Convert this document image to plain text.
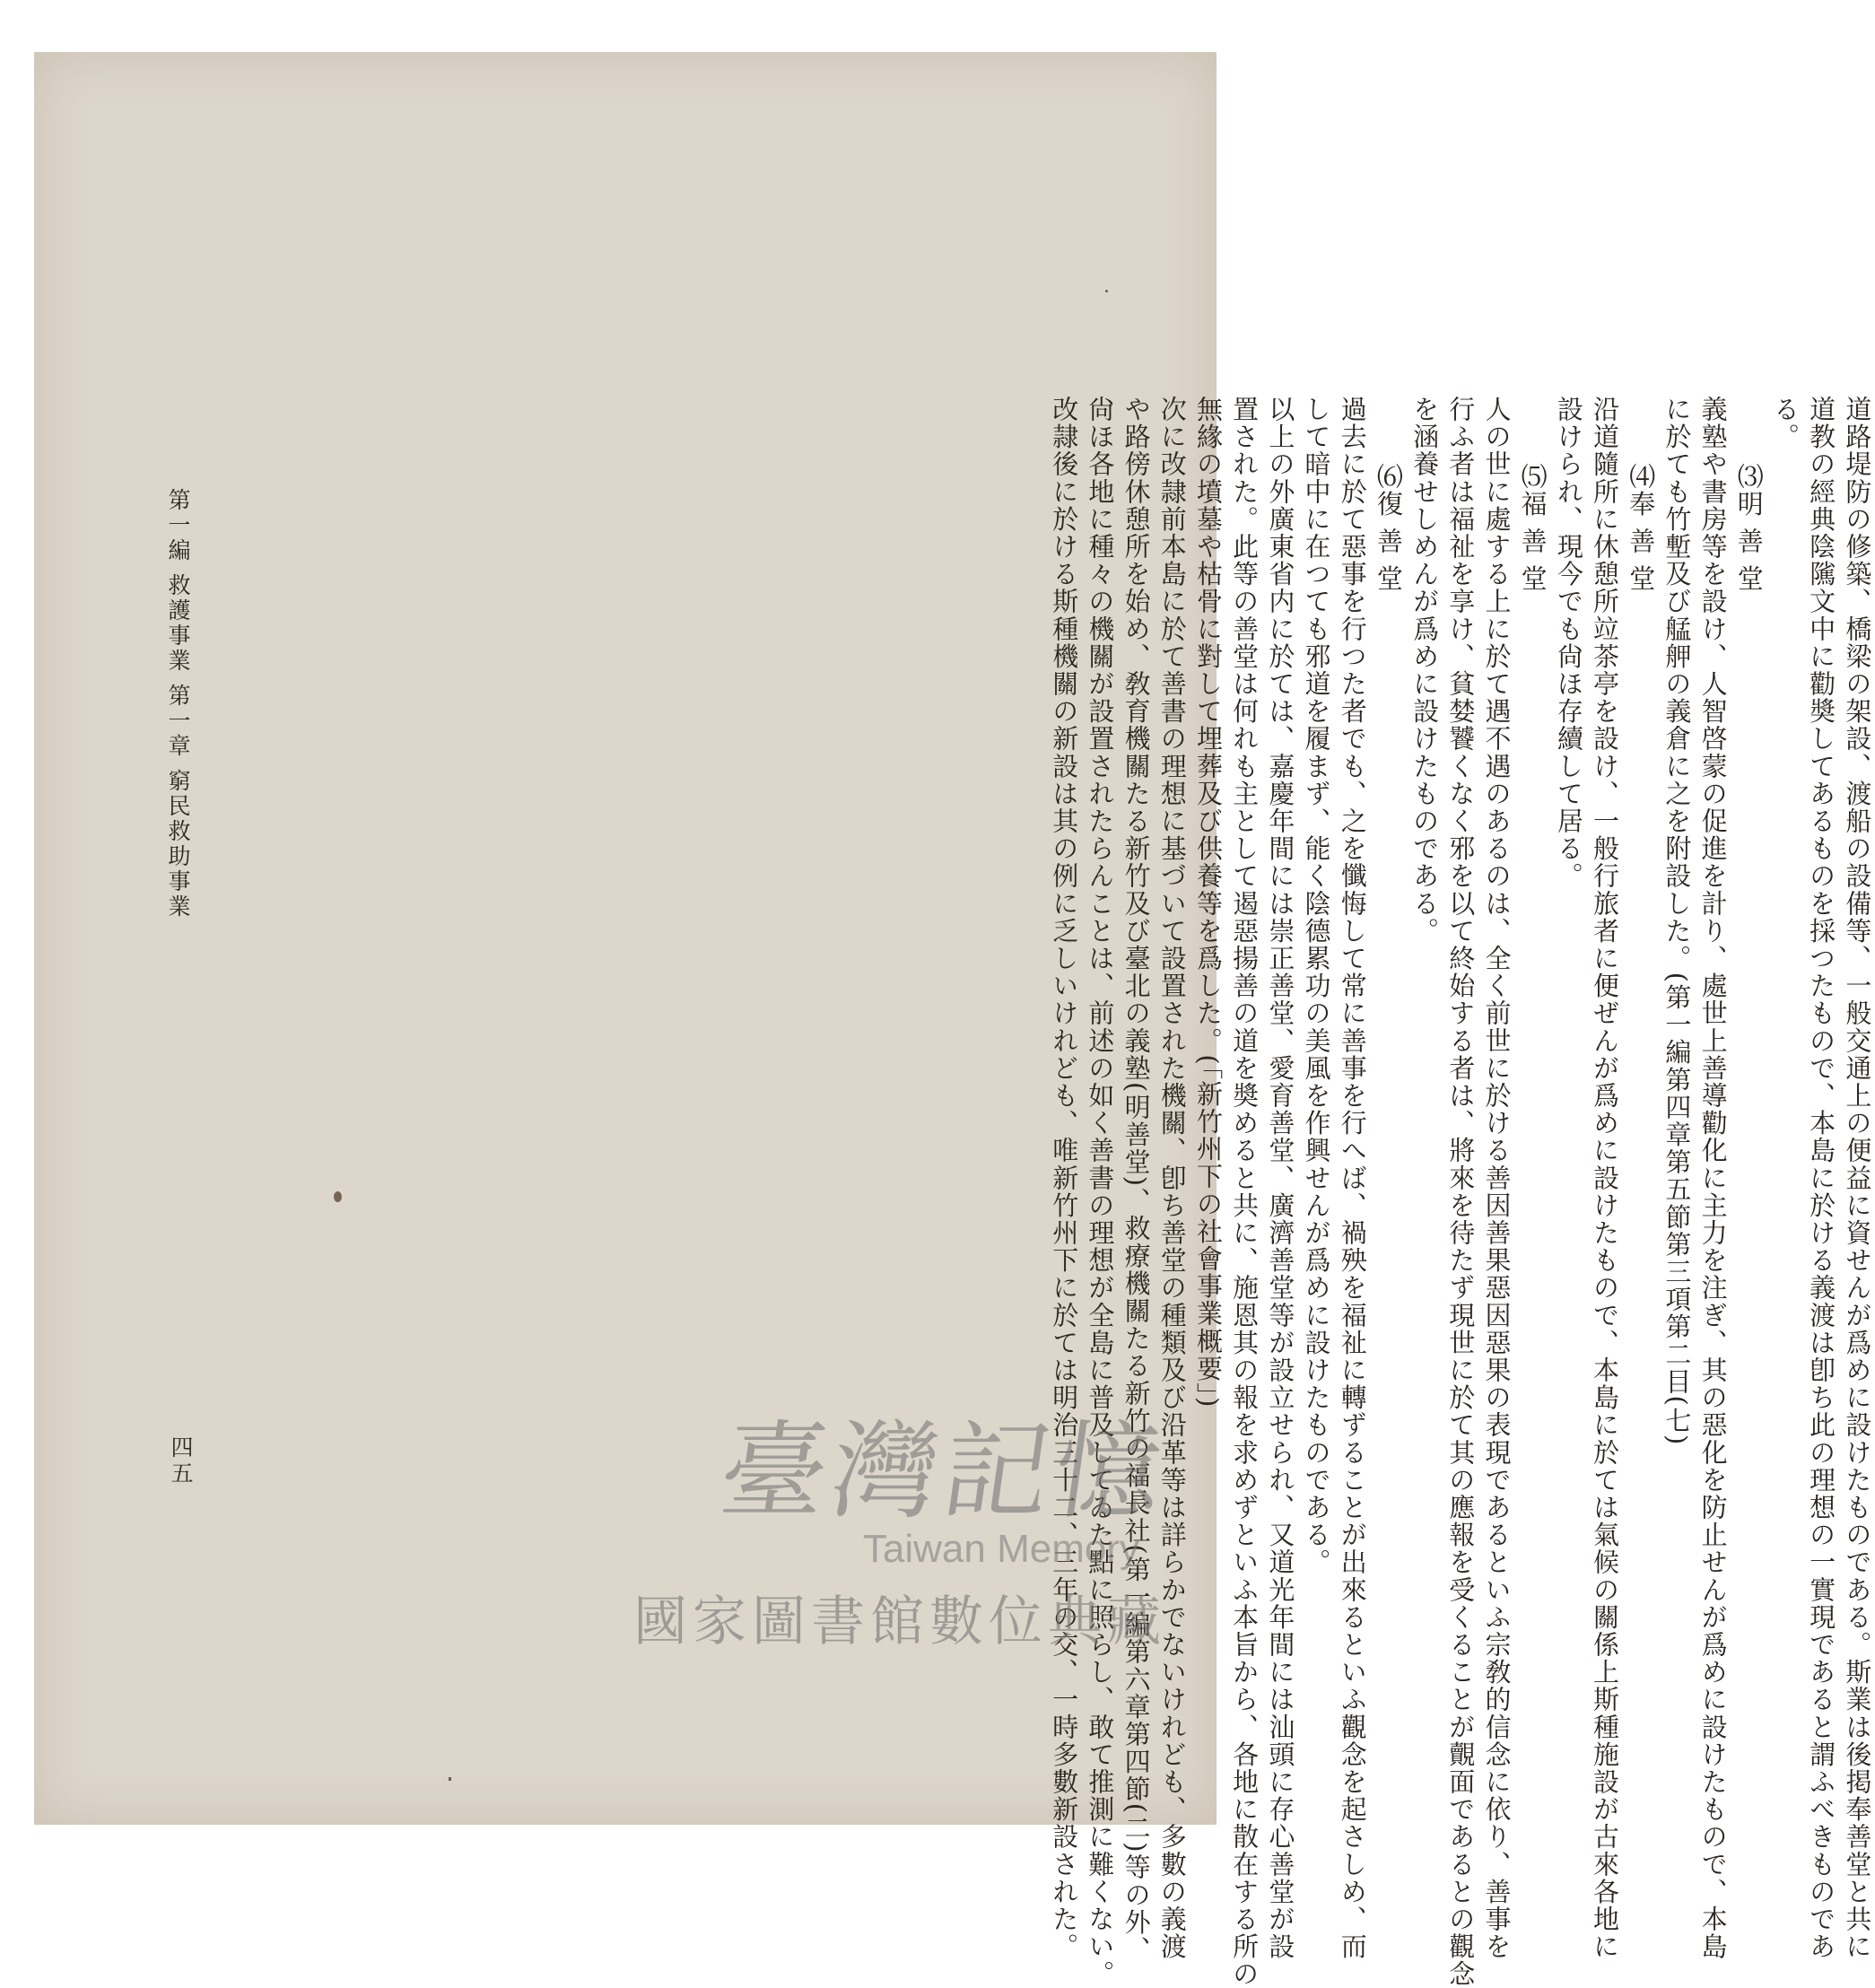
道路堤防の修築、橋梁の架設、渡船の設備等、一般交通上の便益に資せんが爲めに設けたものである。斯業は後掲奉善堂と共に
道教の經典陰隲文中に勸奬してあるものを採つたもので、本島に於ける義渡は卽ち此の理想の一實現であると謂ふべきものであ
る。
⑶明 善 堂
義塾や書房等を設け、人智啓蒙の促進を計り、處世上善導勸化に主力を注ぎ、其の惡化を防止せんが爲めに設けたもので、本島
に於ても竹塹及び艋舺の義倉に之を附設した。(第一編第四章第五節第三項第二目(七)
⑷奉 善 堂
沿道隨所に休憩所竝茶亭を設け、一般行旅者に便ぜんが爲めに設けたもので、本島に於ては氣候の關係上斯種施設が古來各地に
設けられ、現今でも尙ほ存續して居る。
⑸福 善 堂
人の世に處する上に於て遇不遇のあるのは、全く前世に於ける善因善果惡因惡果の表現であるといふ宗敎的信念に依り、善事を
行ふ者は福祉を享け、貧婪饕くなく邪を以て終始する者は、將來を待たず現世に於て其の應報を受くることが覿面であるとの觀念
を涵養せしめんが爲めに設けたものである。
⑹復 善 堂
過去に於て惡事を行つた者でも、之を懺悔して常に善事を行へば、禍殃を福祉に轉ずることが出來るといふ觀念を起さしめ、而
して暗中に在つても邪道を履まず、能く陰德累功の美風を作興せんが爲めに設けたものである。
以上の外廣東省内に於ては、嘉慶年間には崇正善堂、愛育善堂、廣濟善堂等が設立せられ、又道光年間には汕頭に存心善堂が設
置された。此等の善堂は何れも主として遏惡揚善の道を奬めると共に、施恩其の報を求めずといふ本旨から、各地に散在する所の
無緣の墳墓や枯骨に對して埋葬及び供養等を爲した。(「新竹州下の社會事業概要」)
次に改隷前本島に於て善書の理想に基づいて設置された機關、卽ち善堂の種類及び沿革等は詳らかでないけれども、多數の義渡
や路傍休憩所を始め、敎育機關たる新竹及び臺北の義塾(明善堂)、救療機關たる新竹の福長社(第一編第六章第四節(二)等の外、
尙ほ各地に種々の機關が設置されたらんことは、前述の如く善書の理想が全島に普及してゐた點に照らし、敢て推測に難くない。
改隷後に於ける斯種機關の新設は其の例に乏しいけれども、唯新竹州下に於ては明治三十二、三年の交、一時多數新設された。
第一編 救護事業 第一章 窮民救助事業
四五	臺灣記憶
Taiwan Memory
國家圖書館數位典藏
